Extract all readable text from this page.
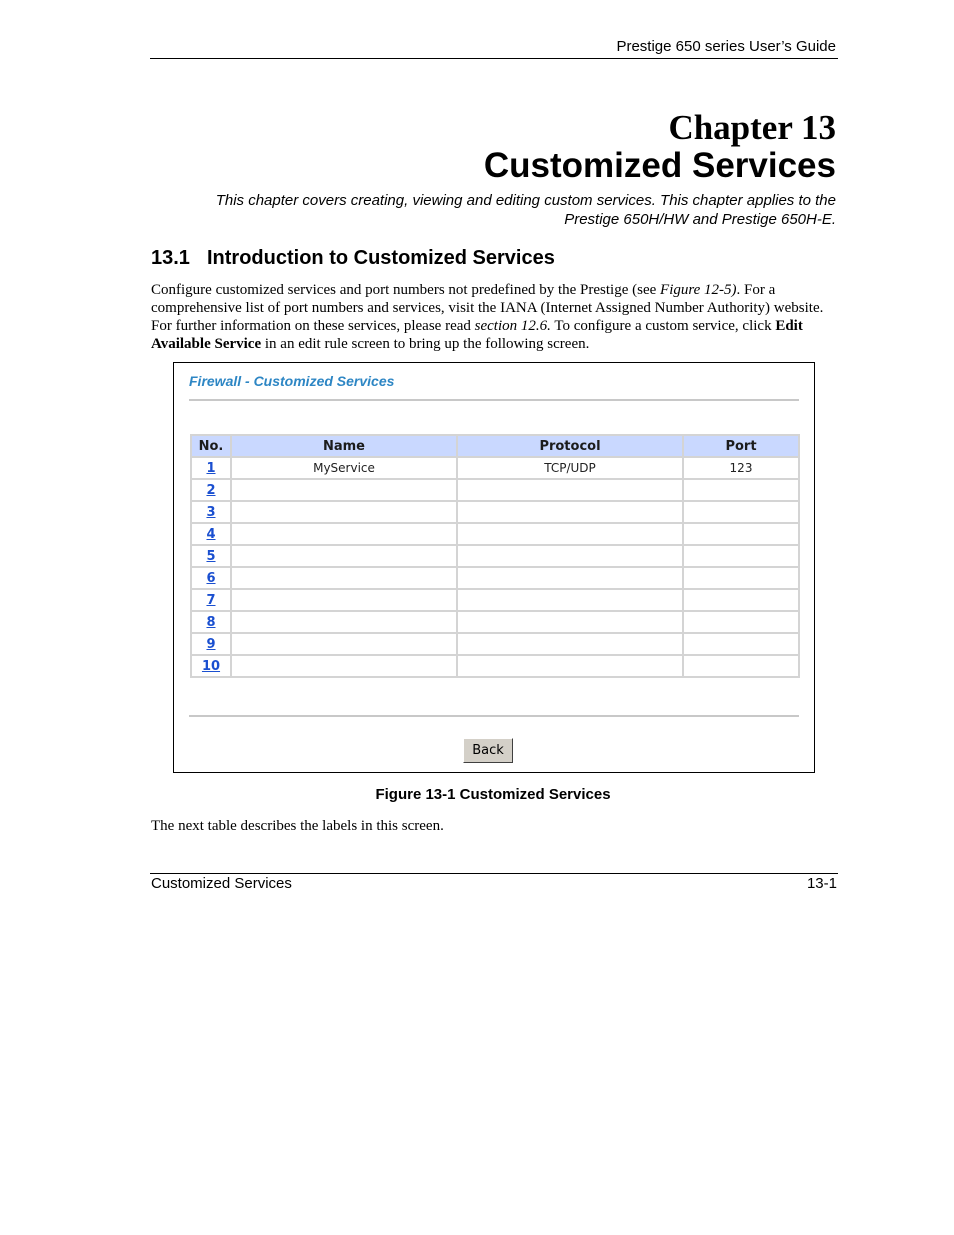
Prestige 650 series User’s Guide
Chapter 13
Customized Services
This chapter covers creating, viewing and editing custom services. This chapter applies to the
Prestige 650H/HW and Prestige 650H-E.
13.1 Introduction to Customized Services
Configure customized services and port numbers not predefined by the Prestige (see Figure 12-5). For a comprehensive list of port numbers and services, visit the IANA (Internet Assigned Number Authority) website. For further information on these services, please read section 12.6. To configure a custom service, click Edit Available Service in an edit rule screen to bring up the following screen.
Firewall - Customized Services
No.	Name	Protocol	Port
1	MyService	TCP/UDP	123
2			
3			
4			
5			
6			
7			
8			
9			
10			
Back
Figure 13-1 Customized Services
The next table describes the labels in this screen.
Customized Services	13-1
